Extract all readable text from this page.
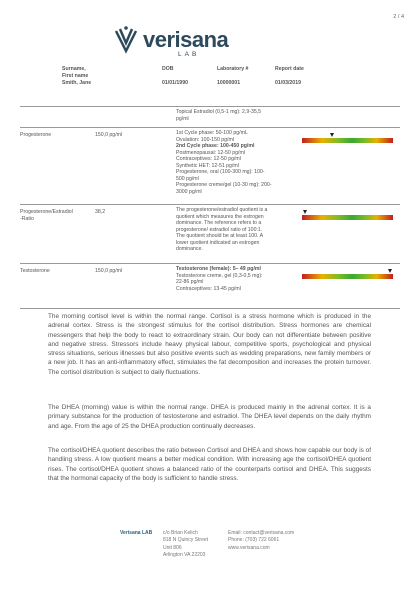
2 / 4
verisana
LAB
Surname,
First name
DOB	Laboratory #	Report date
Smith, Jane	01/01/1990	10000001	01/03/2019
Topical Estradiol (0,5-1 mg): 2,9-35,5
pg/ml
Progesterone	150,0 pg/ml	1st Cycle phase: 50-100 pg/mL
Ovulation: 100-150 pg/ml
2nd Cycle phase: 100-450 pg/ml
Postmenopausal: 12-50 pg/ml
Contraceptives: 12-50 pg/ml
Synthetic HET: 12-51 pg/ml
Progesterone, oral (100-300 mg): 100-
500 pg/ml
Progesterone creme/gel (10-30 mg): 200-
3000 pg/ml
Progesterone/Estradiol
-Ratio
38,2	The progesterone/estradiol quotient is a
quotient which measures the estrogen
dominance. The reference refers to a
progesterone/ estradiol ratio of 100:1.
The quotient should be at least 100. A
lower quotient indicated an estrogen
dominance.
Testosterone	150,0 pg/ml	Testosterone (female): 5– 49 pg/ml
Testosterone creme, gel (0,3-0,5 mg):
22-86 pg/ml
Contraceptives: 13-45 pg/ml

The morning cortisol level is within the normal range. Cortisol is a stress hormone which is produced in the adrenal cortex. Stress is the strongest stimulus for the cortisol distribution. Stress hormones are chemical messengers that help the body to react to extraordinary strain. Our body can not differentiate between positive and negative stress. Stressors include heavy physical labour, competitive sports, psychological and physical stress situations, serious illnesses but also positive events such as wedding preparations, new family members or a new job. It has an anti-inflammatory effect, stimulates the fat decomposition and increases the protein turnover. The cortisol distribution is subject to daily fluctuations.

The DHEA (morning) value is within the normal range. DHEA is produced mainly in the adrenal cortex. It is a primary substance for the production of testosterone and estradiol. The DHEA level depends on the daily rhythm and age. From the age of 25 the DHEA production continually decreases.

The cortisol/DHEA quotient describes the ratio between Cortisol and DHEA and shows how capable our body is of handling stress. A low quotient means a better medical condition. With increasing age the cortisol/DHEA quotient rises. The cortisol/DHEA quotient shows a balanced ratio of the counterparts cortisol and DHEA. This suggests that the hormonal capacity of the body is sufficient to handle stress.

Verisana LAB c/o Brian Kelich
818 N Quincy Street
Unit 806
Arlington VA 22203
Email: contact@verisana.com
Phone: (703) 722 6061
www.verisana.com
